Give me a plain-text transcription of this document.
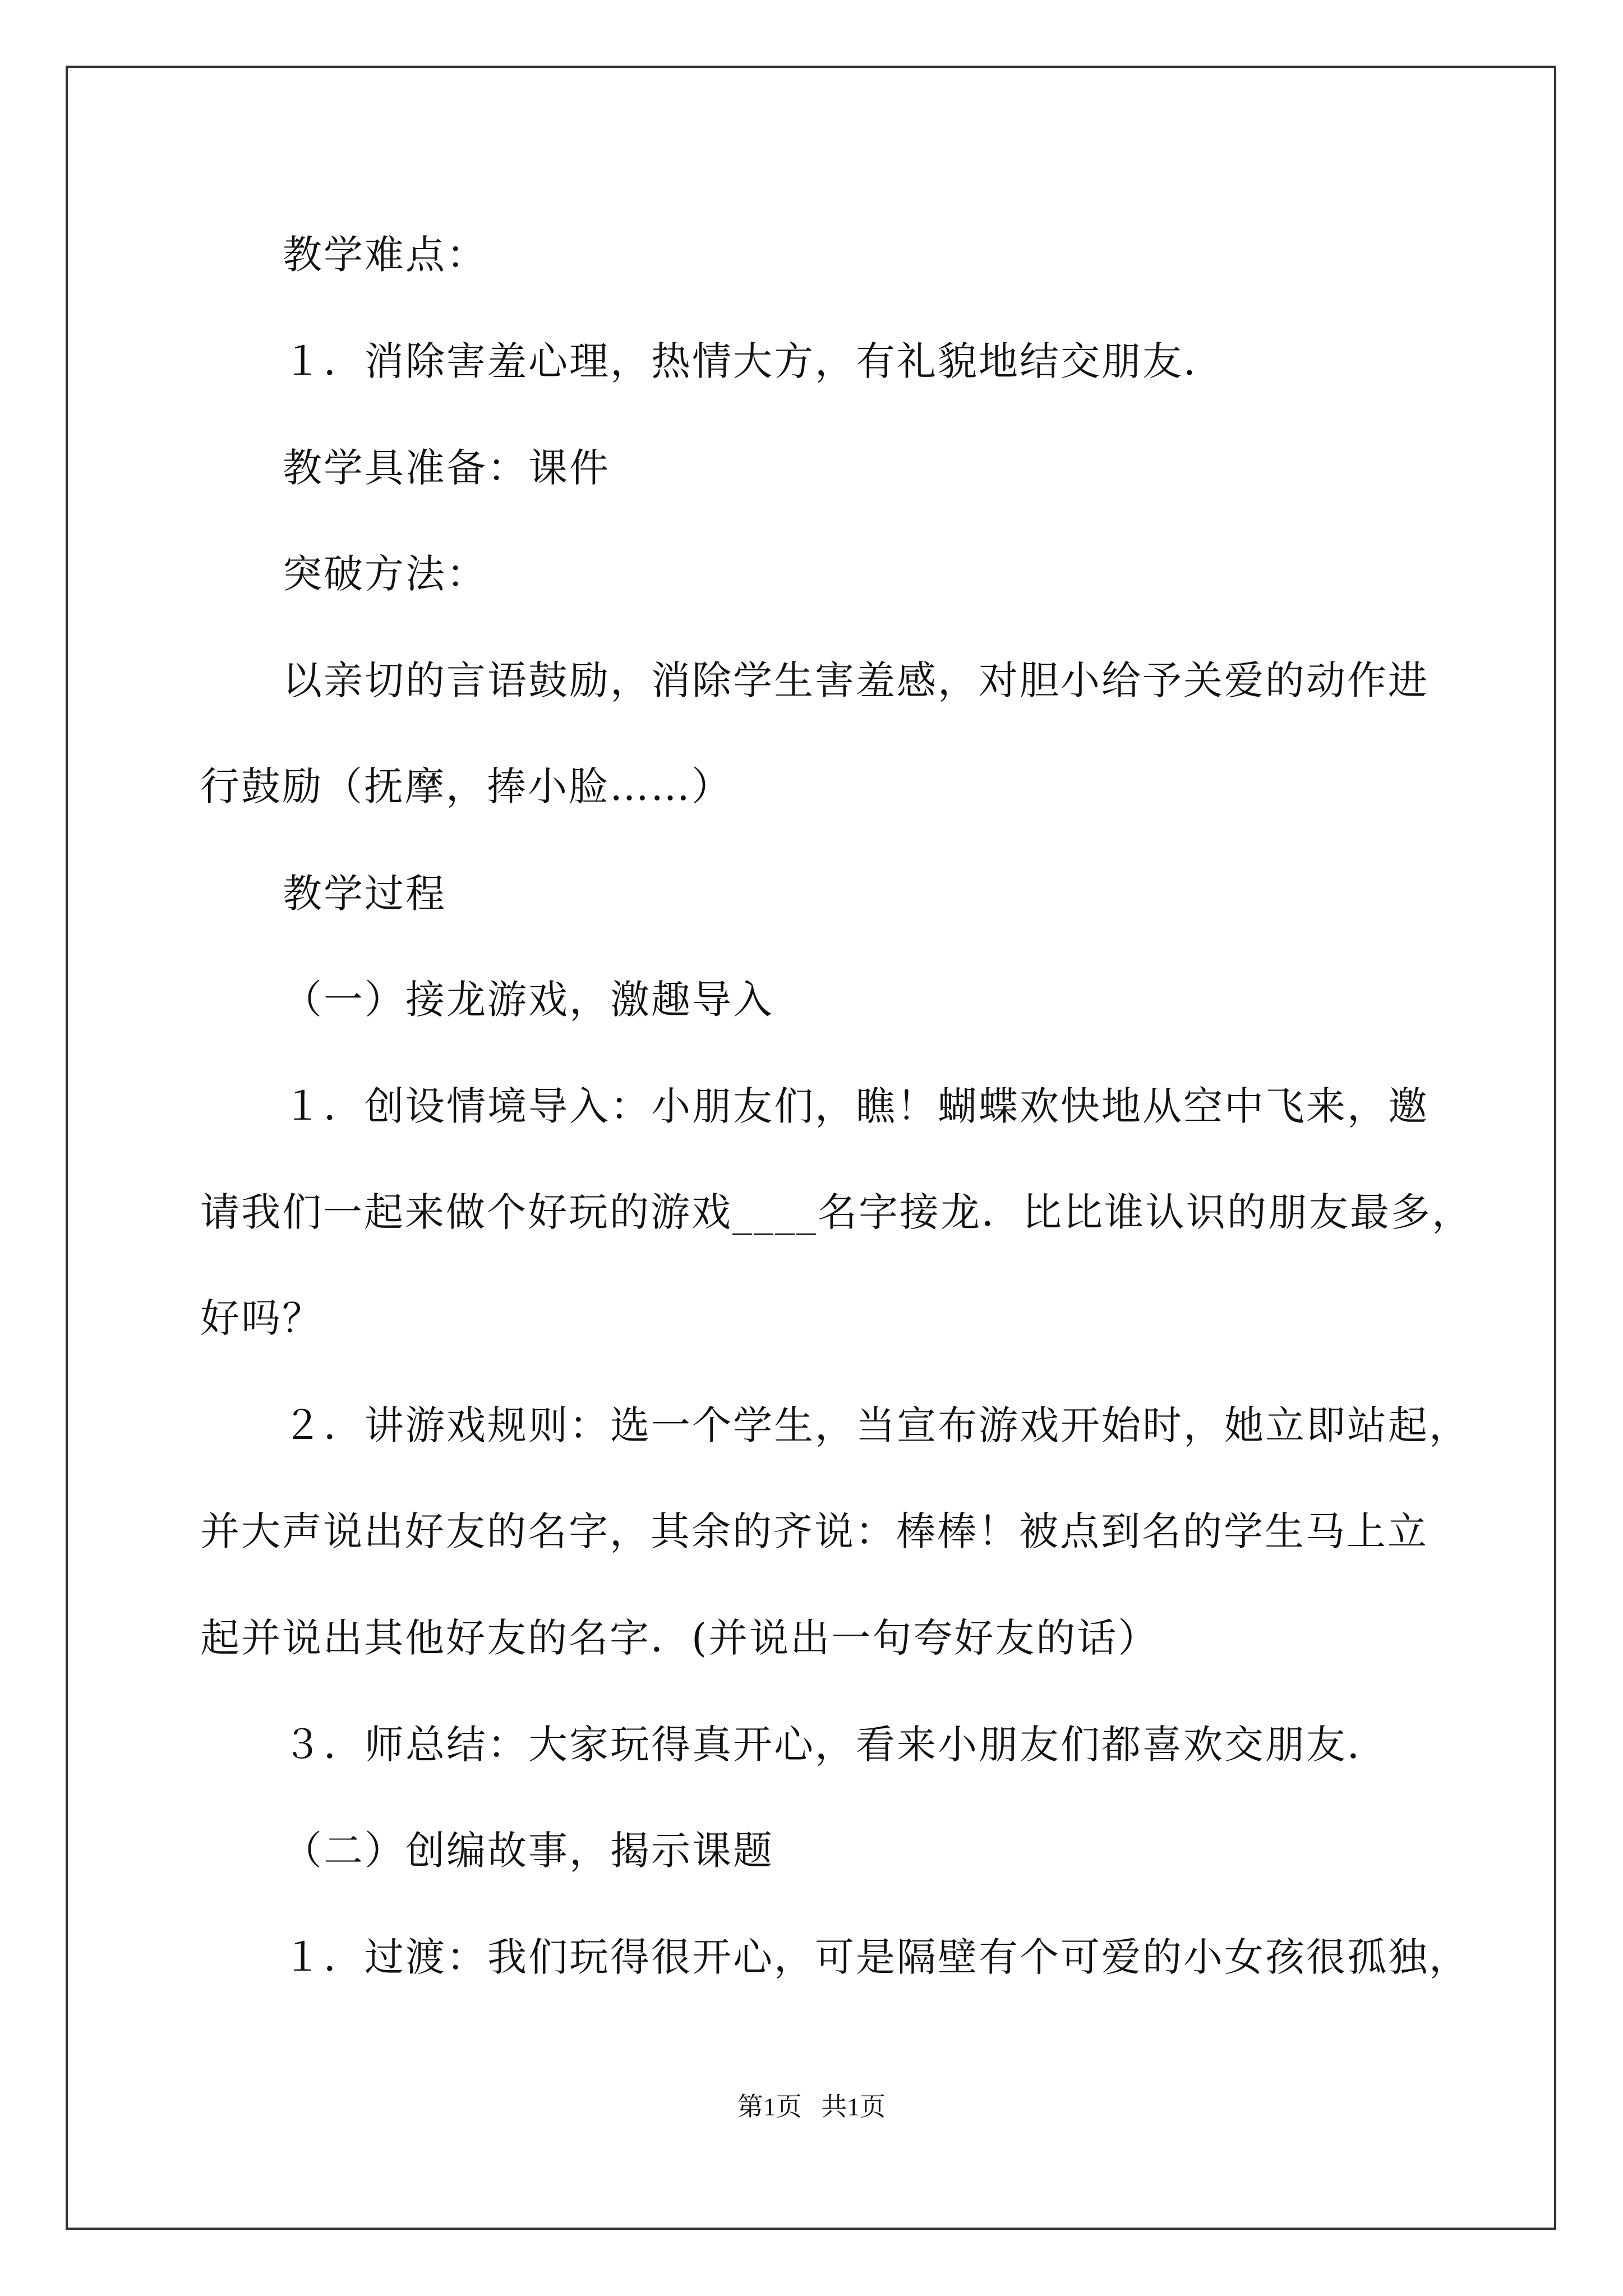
教学难点：
１．消除害羞心理，热情大方，有礼貌地结交朋友．
教学具准备：课件
突破方法：
以亲切的言语鼓励，消除学生害羞感，对胆小给予关爱的动作进
行鼓励（抚摩，捧小脸……）
教学过程
（一）接龙游戏，激趣导入
１．创设情境导入：小朋友们，瞧！蝴蝶欢快地从空中飞来，邀
请我们一起来做个好玩的游戏____名字接龙．比比谁认识的朋友最多，
好吗？
２．讲游戏规则：选一个学生，当宣布游戏开始时，她立即站起，
并大声说出好友的名字，其余的齐说：棒棒！被点到名的学生马上立
起并说出其他好友的名字．(并说出一句夸好友的话）
３．师总结：大家玩得真开心，看来小朋友们都喜欢交朋友．
（二）创编故事，揭示课题
１．过渡：我们玩得很开心，可是隔壁有个可爱的小女孩很孤独，
第1页   共1页
